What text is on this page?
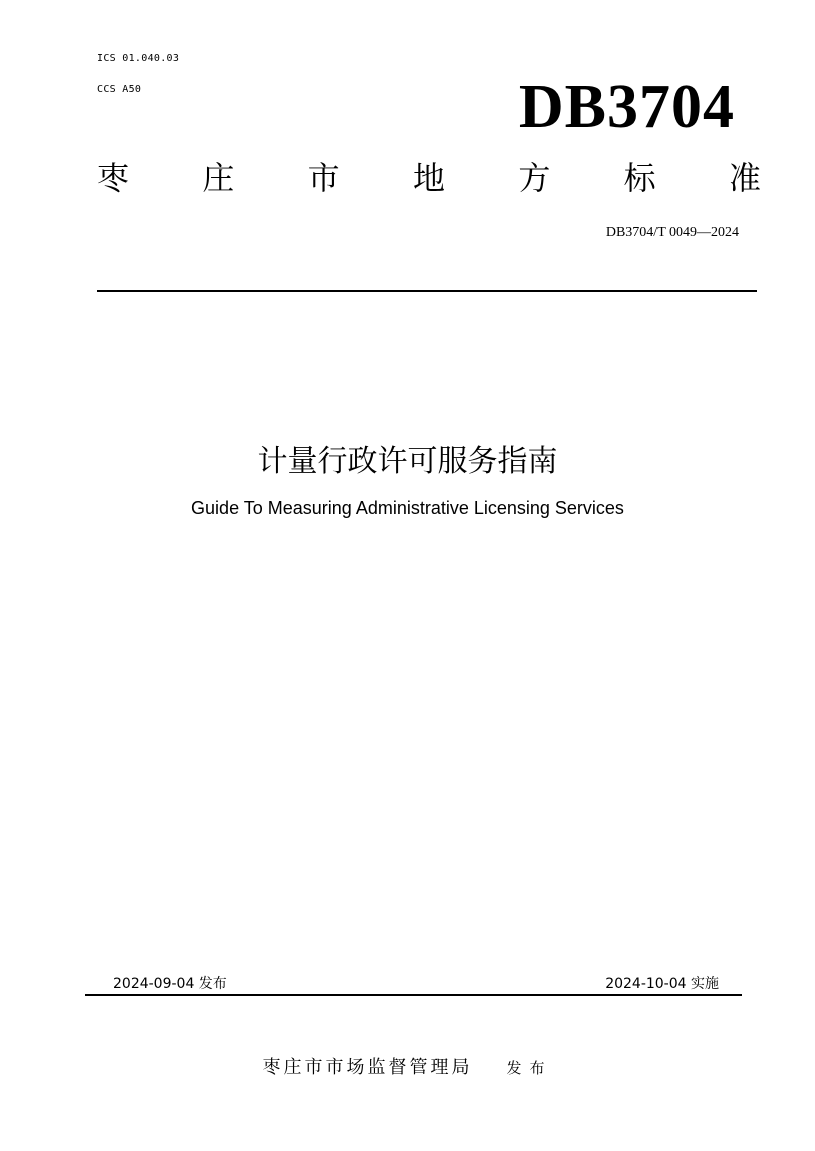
ICS 01.040.03
CCS A50	DB3704
枣 庄 市 地 方 标 准
DB3704/T 0049—2024
计量行政许可服务指南
Guide To Measuring Administrative Licensing Services
2024-09-04 发布	2024-10-04 实施
枣庄市市场监督管理局 发布
